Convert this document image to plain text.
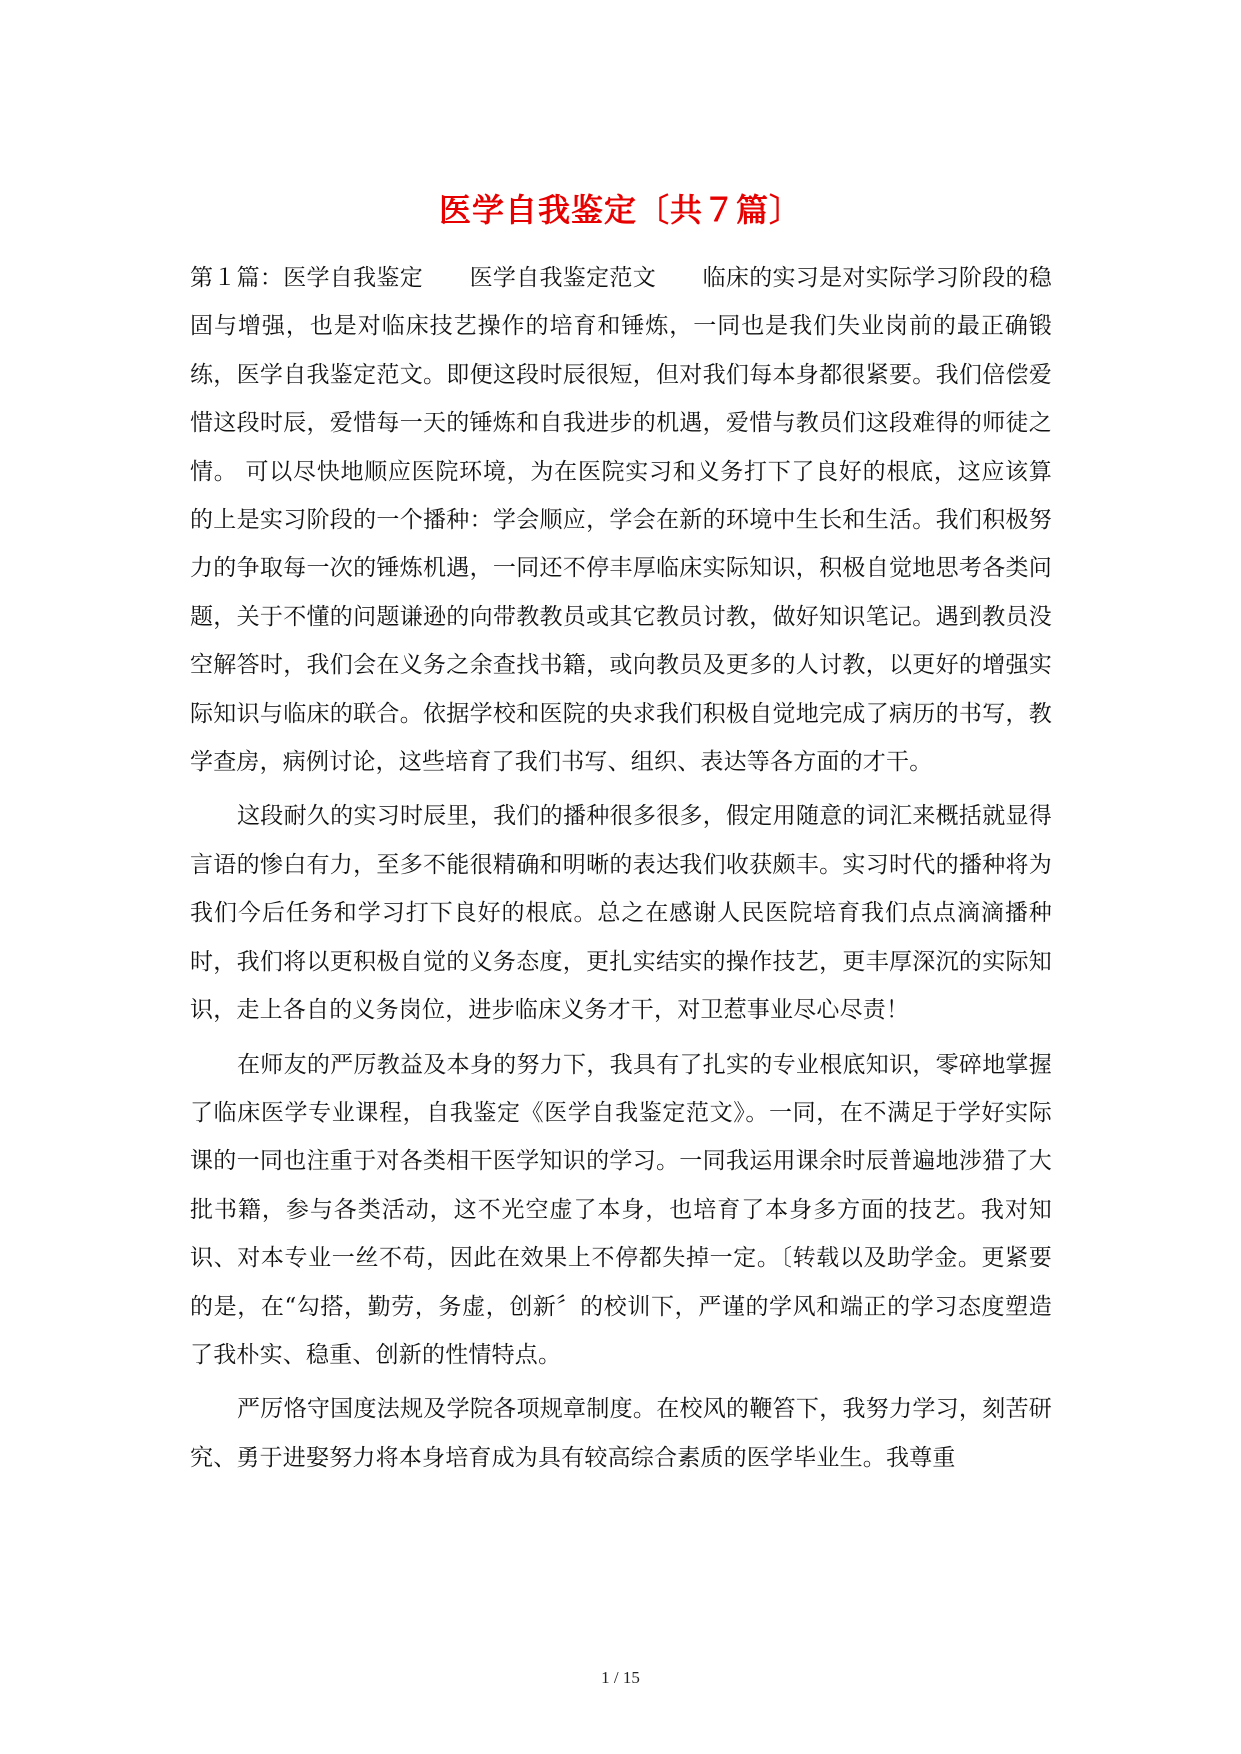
医学自我鉴定〔共７篇〕

第１篇：医学自我鉴定　　医学自我鉴定范文　　临床的实习是对实际学习阶段的稳固与增强，也是对临床技艺操作的培育和锤炼，一同也是我们失业岗前的最正确锻练，医学自我鉴定范文。即便这段时辰很短，但对我们每本身都很紧要。我们倍偿爱惜这段时辰，爱惜每一天的锤炼和自我进步的机遇，爱惜与教员们这段难得的师徒之情。 可以尽快地顺应医院环境，为在医院实习和义务打下了良好的根底，这应该算的上是实习阶段的一个播种：学会顺应，学会在新的环境中生长和生活。我们积极努力的争取每一次的锤炼机遇，一同还不停丰厚临床实际知识，积极自觉地思考各类问题，关于不懂的问题谦逊的向带教教员或其它教员讨教，做好知识笔记。遇到教员没空解答时，我们会在义务之余查找书籍，或向教员及更多的人讨教，以更好的增强实际知识与临床的联合。依据学校和医院的央求我们积极自觉地完成了病历的书写，教学查房，病例讨论，这些培育了我们书写、组织、表达等各方面的才干。

这段耐久的实习时辰里，我们的播种很多很多，假定用随意的词汇来概括就显得言语的惨白有力，至多不能很精确和明晰的表达我们收获颇丰。实习时代的播种将为我们今后任务和学习打下良好的根底。总之在感谢人民医院培育我们点点滴滴播种时，我们将以更积极自觉的义务态度，更扎实结实的操作技艺，更丰厚深沉的实际知识，走上各自的义务岗位，进步临床义务才干，对卫惹事业尽心尽责！

在师友的严厉教益及本身的努力下，我具有了扎实的专业根底知识，零碎地掌握了临床医学专业课程，自我鉴定《医学自我鉴定范文》。一同，在不满足于学好实际课的一同也注重于对各类相干医学知识的学习。一同我运用课余时辰普遍地涉猎了大批书籍，参与各类活动，这不光空虚了本身，也培育了本身多方面的技艺。我对知识、对本专业一丝不苟，因此在效果上不停都失掉一定。〔转载以及助学金。更紧要的是，在“勾搭，勤劳，务虚，创新〞的校训下，严谨的学风和端正的学习态度塑造了我朴实、稳重、创新的性情特点。

严厉恪守国度法规及学院各项规章制度。在校风的鞭笞下，我努力学习，刻苦研究、勇于进娶努力将本身培育成为具有较高综合素质的医学毕业生。我尊重

1 / 15
